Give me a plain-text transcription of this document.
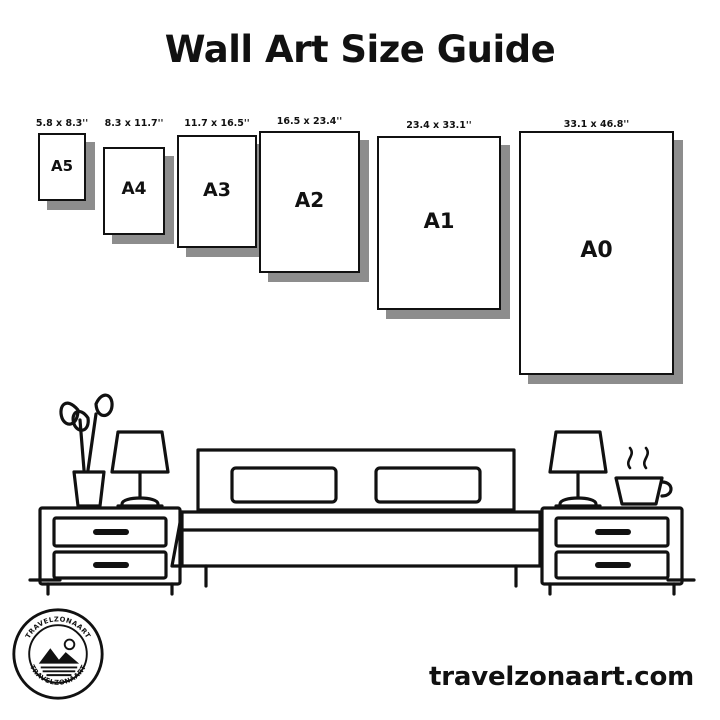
Wall Art Size Guide
5.8 x 8.3''
A5
8.3 x 11.7''
A4
11.7 x 16.5''
A3
16.5 x 23.4''
A2
23.4 x 33.1''
A1
33.1 x 46.8''
A0
TRAVELZONAART
TRAVELZONAART	travelzonaart.com
